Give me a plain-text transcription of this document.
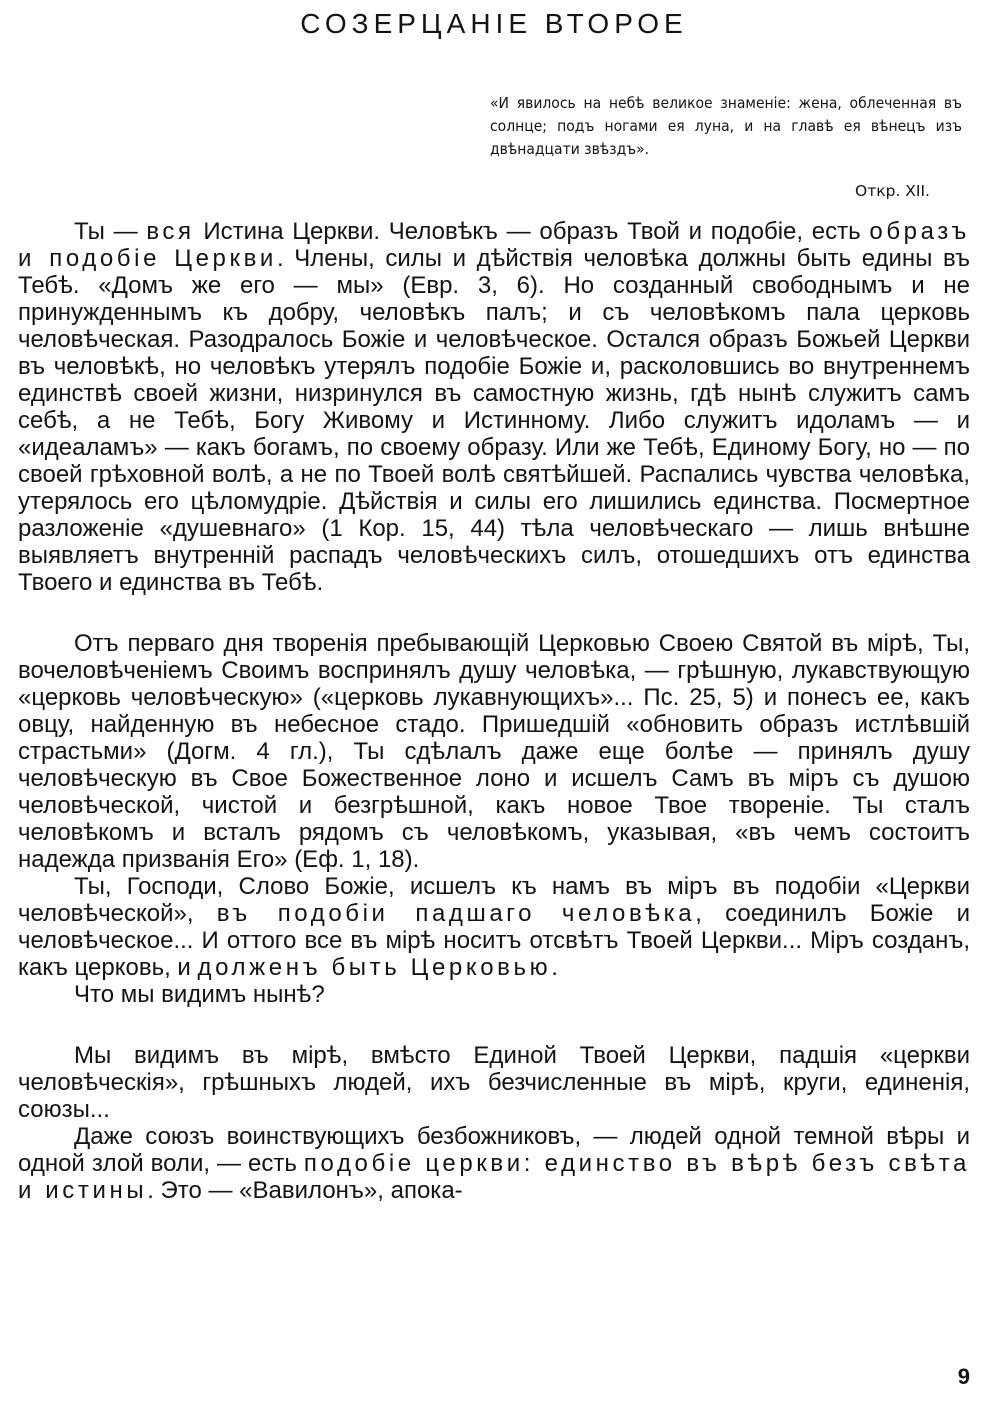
СОЗЕРЦАНІЕ ВТОРОЕ
«И явилось на небѣ великое знаменіе: жена, облеченная въ солнце; подъ ногами ея луна, и на главѣ ея вѣнецъ изъ двѣнадцати звѣздъ».
Откр. XII.

Ты — вся Истина Церкви. Человѣкъ — образъ Твой и подобіе, есть образъ и подобіе Церкви. Члены, силы и дѣйствія человѣка должны быть едины въ Тебѣ. «Домъ же его — мы» (Евр. 3, 6). Но созданный свободнымъ и не принужденнымъ къ добру, человѣкъ палъ; и съ человѣкомъ пала церковь человѣческая. Разодралось Божіе и человѣческое. Остался образъ Божьей Церкви въ человѣкѣ, но человѣкъ утерялъ подобіе Божіе и, расколовшись во внутреннемъ единствѣ своей жизни, низринулся въ самостную жизнь, гдѣ нынѣ служитъ самъ себѣ, а не Тебѣ, Богу Живому и Истинному. Либо служитъ идоламъ — и «идеаламъ» — какъ богамъ, по своему образу. Или же Тебѣ, Единому Богу, но — по своей грѣховной волѣ, а не по Твоей волѣ святѣйшей. Распались чувства человѣка, утерялось его цѣломудріе. Дѣйствія и силы его лишились единства. Посмертное разложеніе «душевнаго» (1 Кор. 15, 44) тѣла человѣческаго — лишь внѣшне выявляетъ внутренній распадъ человѣческихъ силъ, отошедшихъ отъ единства Твоего и единства въ Тебѣ.

Отъ перваго дня творенія пребывающій Церковью Своею Святой въ мірѣ, Ты, вочеловѣченіемъ Своимъ воспринялъ душу человѣка, — грѣшную, лукавствующую «церковь человѣческую» («церковь лукавнующихъ»... Пс. 25, 5) и понесъ ее, какъ овцу, найденную въ небесное стадо. Пришедшій «обновить образъ истлѣвшій страстьми» (Догм. 4 гл.), Ты сдѣлалъ даже еще болѣе — принялъ душу человѣческую въ Свое Божественное лоно и исшелъ Самъ въ міръ съ душою человѣческой, чистой и безгрѣшной, какъ новое Твое твореніе. Ты сталъ человѣкомъ и всталъ рядомъ съ человѣкомъ, указывая, «въ чемъ состоитъ надежда призванія Его» (Еф. 1, 18).

Ты, Господи, Слово Божіе, исшелъ къ намъ въ міръ въ подобіи «Церкви человѣческой», въ подобіи падшаго человѣка, соединилъ Божіе и человѣческое... И оттого все въ мірѣ носитъ отсвѣтъ Твоей Церкви... Міръ созданъ, какъ церковь, и долженъ быть Церковью.

Что мы видимъ нынѣ?

Мы видимъ въ мірѣ, вмѣсто Единой Твоей Церкви, падшія «церкви человѣческія», грѣшныхъ людей, ихъ безчисленные въ мірѣ, круги, единенія, союзы...

Даже союзъ воинствующихъ безбожниковъ, — людей одной темной вѣры и одной злой воли, — есть подобіе церкви: единство въ вѣрѣ безъ свѣта и истины. Это — «Вавилонъ», апока-

9
